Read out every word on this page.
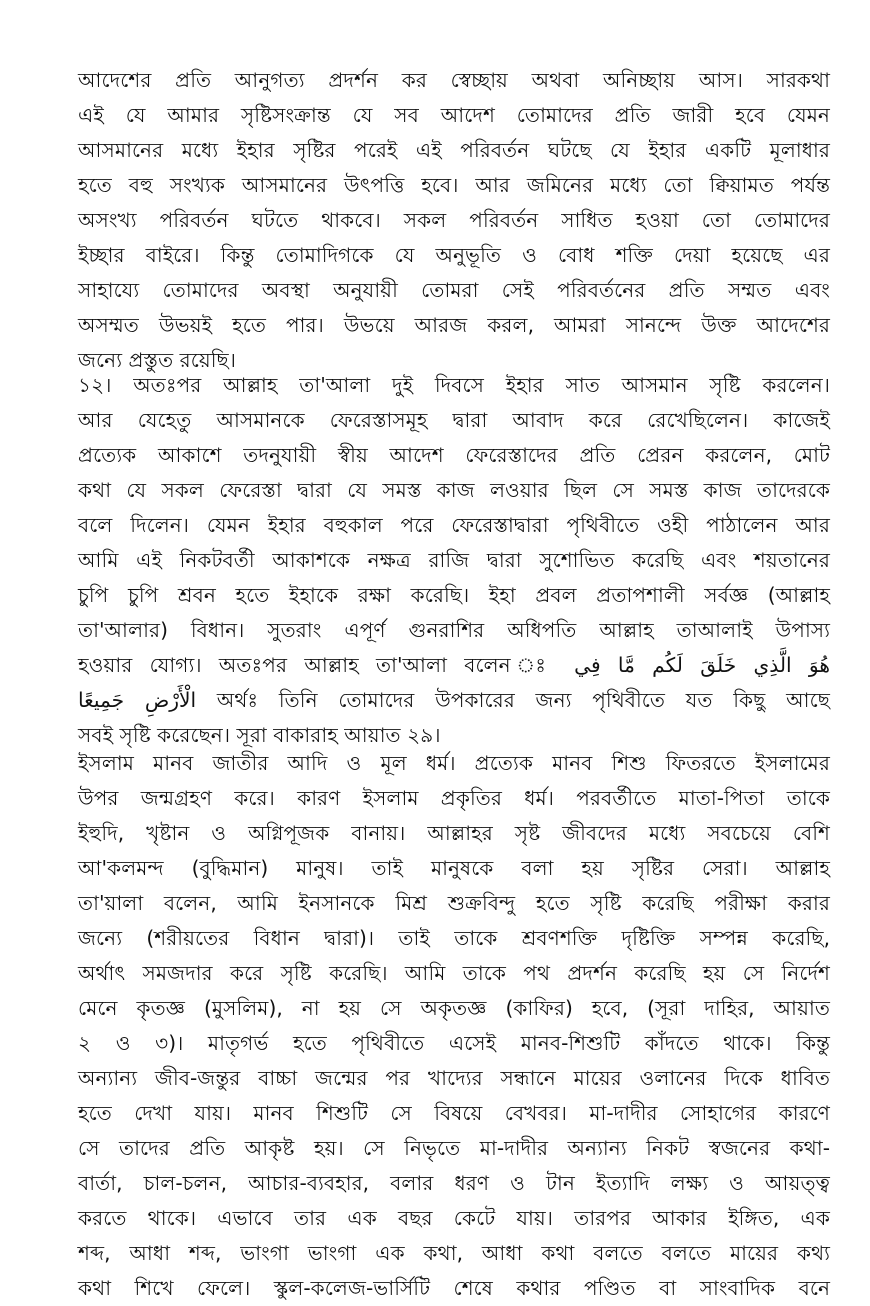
আদেশের প্রতি আনুগত্য প্রদর্শন কর স্বেচ্ছায় অথবা অনিচ্ছায় আস। সারকথা
এই যে আমার সৃষ্টিসংক্রান্ত যে সব আদেশ তোমাদের প্রতি জারী হবে যেমন
আসমানের মধ্যে ইহার সৃষ্টির পরেই এই পরিবর্তন ঘটছে যে ইহার একটি মূলাধার
হতে বহু সংখ্যক আসমানের উৎপত্তি হবে। আর জমিনের মধ্যে তো ক্বিয়ামত পর্যন্ত
অসংখ্য পরিবর্তন ঘটতে থাকবে। সকল পরিবর্তন সাধিত হওয়া তো তোমাদের
ইচ্ছার বাইরে। কিন্তু তোমাদিগকে যে অনুভূতি ও বোধ শক্তি দেয়া হয়েছে এর
সাহায্যে তোমাদের অবস্থা অনুযায়ী তোমরা সেই পরিবর্তনের প্রতি সম্মত এবং
অসম্মত উভয়ই হতে পার। উভয়ে আরজ করল, আমরা সানন্দে উক্ত আদেশের
জন্যে প্রস্তুত রয়েছি।
১২। অতঃপর আল্লাহ তা'আলা দুই দিবসে ইহার সাত আসমান সৃষ্টি করলেন।
আর যেহেতু আসমানকে ফেরেস্তাসমূহ দ্বারা আবাদ করে রেখেছিলেন। কাজেই
প্রত্যেক আকাশে তদনুযায়ী স্বীয় আদেশ ফেরেস্তাদের প্রতি প্রেরন করলেন, মোট
কথা যে সকল ফেরেস্তা দ্বারা যে সমস্ত কাজ লওয়ার ছিল সে সমস্ত কাজ তাদেরকে
বলে দিলেন। যেমন ইহার বহুকাল পরে ফেরেস্তাদ্বারা পৃথিবীতে ওহী পাঠালেন আর
আমি এই নিকটবর্তী আকাশকে নক্ষত্র রাজি দ্বারা সুশোভিত করেছি এবং শয়তানের
চুপি চুপি শ্রবন হতে ইহাকে রক্ষা করেছি। ইহা প্রবল প্রতাপশালী সর্বজ্ঞ (আল্লাহ
তা'আলার) বিধান। সুতরাং এপূর্ণ গুনরাশির অধিপতি আল্লাহ তাআলাই উপাস্য
হওয়ার যোগ্য। অতঃপর আল্লাহ তা'আলা বলেন ঃ هُوَ الَّذِي خَلَقَ لَكُم مَّا فِي
الْأَرْضِ جَمِيعًا অর্থঃ তিনি তোমাদের উপকারের জন্য পৃথিবীতে যত কিছু আছে
সবই সৃষ্টি করেছেন। সূরা বাকারাহ আয়াত ২৯।
ইসলাম মানব জাতীর আদি ও মূল ধর্ম। প্রত্যেক মানব শিশু ফিতরতে ইসলামের
উপর জন্মগ্রহণ করে। কারণ ইসলাম প্রকৃতির ধর্ম। পরবর্তীতে মাতা-পিতা তাকে
ইহুদি, খৃষ্টান ও অগ্নিপূজক বানায়। আল্লাহর সৃষ্ট জীবদের মধ্যে সবচেয়ে বেশি
আ'কলমন্দ (বুদ্ধিমান) মানুষ। তাই মানুষকে বলা হয় সৃষ্টির সেরা। আল্লাহ
তা'য়ালা বলেন, আমি ইনসানকে মিশ্র শুক্রবিন্দু হতে সৃষ্টি করেছি পরীক্ষা করার
জন্যে (শরীয়তের বিধান দ্বারা)। তাই তাকে শ্রবণশক্তি দৃষ্টিক্তি সম্পন্ন করেছি,
অর্থাৎ সমজদার করে সৃষ্টি করেছি। আমি তাকে পথ প্রদর্শন করেছি হয় সে নির্দেশ
মেনে কৃতজ্ঞ (মুসলিম), না হয় সে অকৃতজ্ঞ (কাফির) হবে, (সূরা দাহির, আয়াত
২ ও ৩)। মাতৃগর্ভ হতে পৃথিবীতে এসেই মানব-শিশুটি কাঁদতে থাকে। কিন্তু
অন্যান্য জীব-জন্তুর বাচ্চা জন্মের পর খাদ্যের সন্ধানে মায়ের ওলানের দিকে ধাবিত
হতে দেখা যায়। মানব শিশুটি সে বিষয়ে বেখবর। মা-দাদীর সোহাগের কারণে
সে তাদের প্রতি আকৃষ্ট হয়। সে নিভৃতে মা-দাদীর অন্যান্য নিকট স্বজনের কথা-
বার্তা, চাল-চলন, আচার-ব্যবহার, বলার ধরণ ও টান ইত্যাদি লক্ষ্য ও আয়ত্ত্ব
করতে থাকে। এভাবে তার এক বছর কেটে যায়। তারপর আকার ইঙ্গিত, এক
শব্দ, আধা শব্দ, ভাংগা ভাংগা এক কথা, আধা কথা বলতে বলতে মায়ের কথ্য
কথা শিখে ফেলে। স্কুল-কলেজ-ভার্সিটি শেষে কথার পণ্ডিত বা সাংবাদিক বনে
